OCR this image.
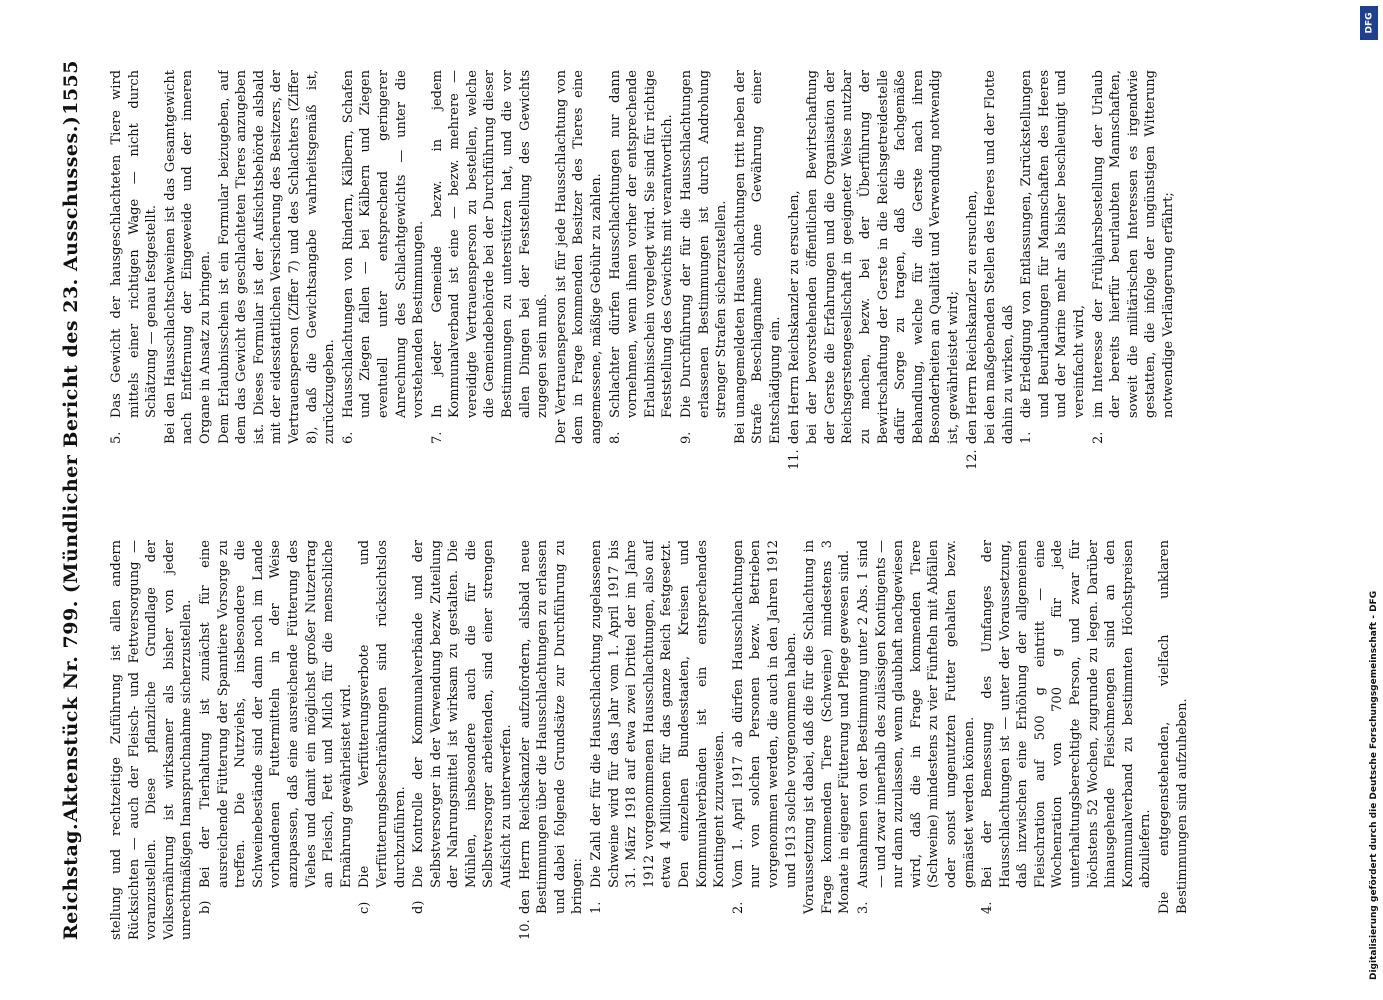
Reichstag.
Aktenstück Nr. 799. (Mündlicher Bericht des 23. Ausschusses.)
1555

stellung und rechtzeitige Zuführung ist allen andern Rücksichten — auch der Fleisch- und Fettversorgung — voranzustellen. Diese pflanzliche Grundlage der Volksernährung ist wirksamer als bisher von jeder unrechtmäßigen Inanspruchnahme sicherzustellen. b)
Bei der Tierhaltung ist zunächst für eine ausreichende Fütterung der Spanntiere Vorsorge zu treffen. Die Nutzviehs, insbesondere die Schweinebestände sind der dann noch im Lande vorhandenen Futtermitteln in der Weise anzupassen, daß eine ausreichende Fütterung des Viehes und damit ein möglichst großer Nutzertrag an Fleisch, Fett und Milch für die menschliche Ernährung gewährleistet wird.
c)
Die Verfütterungsverbote und Verfütterungsbeschränkungen sind rücksichtslos durchzuführen.
d)
Die Kontrolle der Kommunalverbände und der Selbstversorger in der Verwendung bezw. Zuteilung der Nahrungsmittel ist wirksam zu gestalten. Die Mühlen, insbesondere auch die für die Selbstversorger arbeitenden, sind einer strengen Aufsicht zu unterwerfen.
10.
den Herrn Reichskanzler aufzufordern, alsbald neue Bestimmungen über die Hausschlachtungen zu erlassen und dabei folgende Grundsätze zur Durchführung zu bringen: 1.
Die Zahl der für die Hausschlachtung zugelassenen Schweine wird für das Jahr vom 1. April 1917 bis 31. März 1918 auf etwa zwei Drittel der im Jahre 1912 vorgenommenen Hausschlachtungen, also auf etwa 4 Millionen für das ganze Reich festgesetzt. Den einzelnen Bundesstaaten, Kreisen und Kommunalverbänden ist ein entsprechendes Kontingent zuzuweisen.
2.
Vom 1. April 1917 ab dürfen Hausschlachtungen nur von solchen Personen bezw. Betrieben vorgenommen werden, die auch in den Jahren 1912 und 1913 solche vorgenommen haben. Voraussetzung ist dabei, daß die für die Schlachtung in Frage kommenden Tiere (Schweine) mindestens 3 Monate in eigener Fütterung und Pflege gewesen sind. 3.
Ausnahmen von der Bestimmung unter 2 Abs. 1 sind — und zwar innerhalb des zulässigen Kontingents — nur dann zuzulassen, wenn glaubhaft nachgewiesen wird, daß die in Frage kommenden Tiere (Schweine) mindestens zu vier Fünfteln mit Abfällen oder sonst ungenutzten Futter gehalten bezw. gemästet werden können.
4.
Bei der Bemessung des Umfanges der Hausschlachtungen ist — unter der Voraussetzung, daß inzwischen eine Erhöhung der allgemeinen Fleischration auf 500 g eintritt — eine Wochenration von 700 g für jede unterhaltungsberechtigte Person, und zwar für höchstens 52 Wochen, zugrunde zu legen. Darüber hinausgehende Fleischmengen sind an den Kommunalverband zu bestimmten Höchstpreisen abzuliefern. Die entgegenstehenden, vielfach unklaren Bestimmungen sind aufzuheben.

5.
Das Gewicht der hausgeschlachteten Tiere wird mittels einer richtigen Wage — nicht durch Schätzung — genau festgestellt. Bei den Hausschlachtschweinen ist das Gesamtgewicht nach Entfernung der Eingeweide und der inneren Organe in Ansatz zu bringen. Dem Erlaubnisschein ist ein Formular beizugeben, auf dem das Gewicht des geschlachteten Tieres anzugeben ist. Dieses Formular ist der Aufsichtsbehörde alsbald mit der eidesstattlichen Versicherung des Besitzers, der Vertrauensperson (Ziffer 7) und des Schlachters (Ziffer 8), daß die Gewichtsangabe wahrheitsgemäß ist, zurückzugeben. 6.
Hausschlachtungen von Rindern, Kälbern, Schafen und Ziegen fallen — bei Kälbern und Ziegen eventuell unter entsprechend geringerer Anrechnung des Schlachtgewichts — unter die vorstehenden Bestimmungen.
7.
In jeder Gemeinde bezw. in jedem Kommunalverband ist eine — bezw. mehrere — vereidigte Vertrauensperson zu bestellen, welche die Gemeindebehörde bei der Durchführung dieser Bestimmungen zu unterstützen hat, und die vor allen Dingen bei der Feststellung des Gewichts zugegen sein muß. Der Vertrauensperson ist für jede Hausschlachtung von dem in Frage kommenden Besitzer des Tieres eine angemessene, mäßige Gebühr zu zahlen. 8.
Schlachter dürfen Hausschlachtungen nur dann vornehmen, wenn ihnen vorher der entsprechende Erlaubnisschein vorgelegt wird. Sie sind für richtige Feststellung des Gewichts mit verantwortlich.
9.
Die Durchführung der für die Hausschlachtungen erlassenen Bestimmungen ist durch Androhung strenger Strafen sicherzustellen. Bei unangemeldeten Hausschlachtungen tritt neben der Strafe Beschlagnahme ohne Gewährung einer Entschädigung ein.

11.
den Herrn Reichskanzler zu ersuchen, bei der bevorstehenden öffentlichen Bewirtschaftung der Gerste die Erfahrungen und die Organisation der Reichsgerstengesellschaft in geeigneter Weise nutzbar zu machen, bezw. bei der Überführung der Bewirtschaftung der Gerste in die Reichsgetreidestelle dafür Sorge zu tragen, daß die fachgemäße Behandlung, welche für die Gerste nach ihren Besonderheiten an Qualität und Verwendung notwendig ist, gewährleistet wird;

12.
den Herrn Reichskanzler zu ersuchen, bei den maßgebenden Stellen des Heeres und der Flotte dahin zu wirken, daß 1.
die Erledigung von Entlassungen, Zurückstellungen und Beurlaubungen für Mannschaften des Heeres und der Marine mehr als bisher beschleunigt und vereinfacht wird,
2.
im Interesse der Frühjahrsbestellung der Urlaub der bereits hierfür beurlaubten Mannschaften, soweit die militärischen Interessen es irgendwie gestatten, die infolge der ungünstigen Witterung notwendige Verlängerung erfährt;
Digitalisierung gefördert durch die Deutsche Forschungsgemeinschaft - DFG
DFG
